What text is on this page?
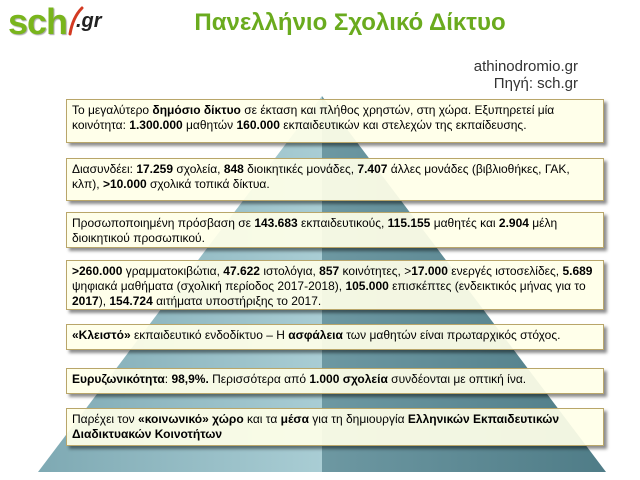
sch .gr	Πανελλήνιο Σχολικό Δίκτυο
athinodromio.gr
Πηγή: sch.gr
Το μεγαλύτερο δημόσιο δίκτυο σε έκταση και πλήθος χρηστών, στη χώρα. Εξυπηρετεί μία κοινότητα: 1.300.000 μαθητών 160.000 εκπαιδευτικών και στελεχών της εκπαίδευσης.
Διασυνδέει: 17.259 σχολεία, 848 διοικητικές μονάδες, 7.407 άλλες μονάδες (βιβλιοθήκες, ΓΑΚ, κλπ), >10.000 σχολικά τοπικά δίκτυα.
Προσωποποιημένη πρόσβαση σε 143.683 εκπαιδευτικούς, 115.155 μαθητές και 2.904 μέλη διοικητικού προσωπικού.
>260.000 γραμματοκιβώτια, 47.622 ιστολόγια, 857 κοινότητες, >17.000 ενεργές ιστοσελίδες, 5.689 ψηφιακά μαθήματα (σχολική περίοδος 2017-2018), 105.000 επισκέπτες (ενδεικτικός μήνας για το 2017), 154.724 αιτήματα υποστήριξης το 2017.
«Κλειστό» εκπαιδευτικό ενδοδίκτυο – Η ασφάλεια των μαθητών είναι πρωταρχικός στόχος.
Ευρυζωνικότητα: 98,9%. Περισσότερα από 1.000 σχολεία συνδέονται με οπτική ίνα.
Παρέχει τον «κοινωνικό» χώρο και τα μέσα για τη δημιουργία Ελληνικών Εκπαιδευτικών Διαδικτυακών Κοινοτήτων
